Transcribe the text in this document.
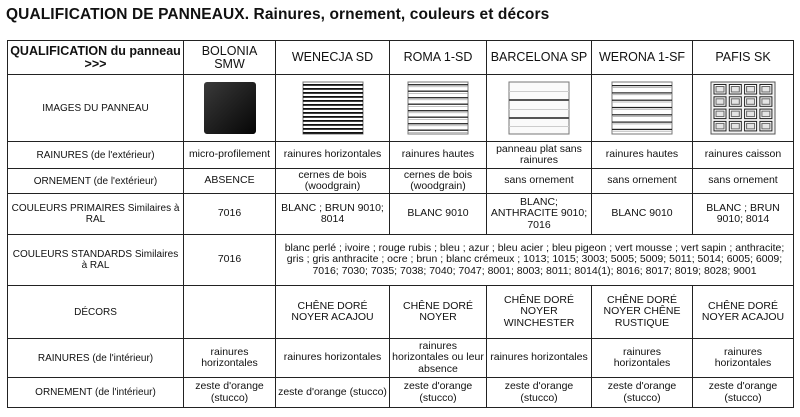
QUALIFICATION DE PANNEAUX. Rainures, ornement, couleurs et décors
QUALIFICATION du panneau >>>	BOLONIA SMW	WENECJA SD	ROMA 1-SD	BARCELONA SP	WERONA 1-SF	PAFIS SK
IMAGES DU PANNEAU	

RAINURES (de l'extérieur)	micro-profilement	rainures horizontales	rainures hautes	panneau plat sans rainures	rainures hautes	rainures caisson
ORNEMENT (de l'extérieur)	ABSENCE	cernes de bois (woodgrain)	cernes de bois (woodgrain)	sans ornement	sans ornement	sans ornement
COULEURS PRIMAIRES Similaires à RAL	7016	BLANC ; BRUN 9010; 8014	BLANC 9010	BLANC; ANTHRACITE 9010; 7016	BLANC 9010	BLANC ; BRUN 9010; 8014
COULEURS STANDARDS Similaires à RAL	7016	blanc perlé ; ivoire ; rouge rubis ; bleu ; azur ; bleu acier ; bleu pigeon ; vert mousse ; vert sapin ; anthracite; gris ; gris anthracite ; ocre ; brun ; blanc crémeux ; 1013; 1015; 3003; 5005; 5009; 5011; 5014; 6005; 6009; 7016; 7030; 7035; 7038; 7040; 7047; 8001; 8003; 8011; 8014(1); 8016; 8017; 8019; 8028; 9001				
DÉCORS		CHÊNE DORÉ NOYER ACAJOU	CHÊNE DORÉ NOYER	CHÊNE DORÉ NOYER WINCHESTER	CHÊNE DORÉ NOYER CHÊNE RUSTIQUE	CHÊNE DORÉ NOYER ACAJOU
RAINURES (de l'intérieur)	rainures horizontales	rainures horizontales	rainures horizontales ou leur absence	rainures horizontales	rainures horizontales	rainures horizontales
ORNEMENT (de l'intérieur)	zeste d'orange (stucco)	zeste d'orange (stucco)	zeste d'orange (stucco)	zeste d'orange (stucco)	zeste d'orange (stucco)	zeste d'orange (stucco)
